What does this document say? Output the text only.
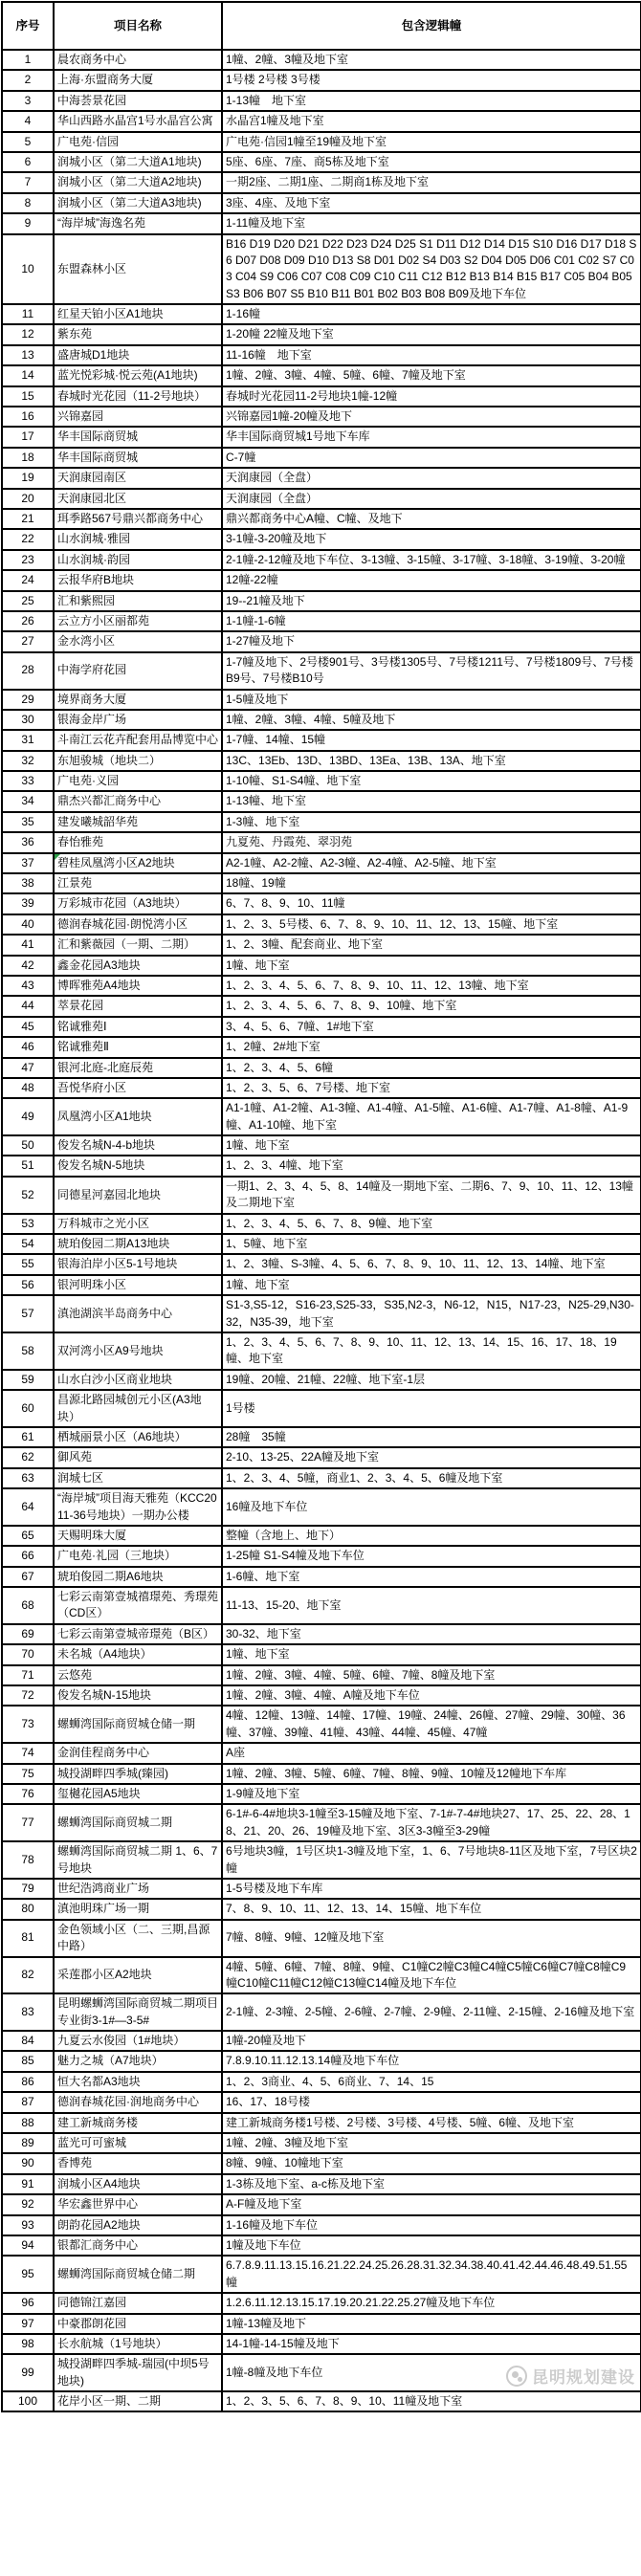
序号	项目名称	包含逻辑幢
1	晨农商务中心	1幢、2幢、3幢及地下室
2	上海·东盟商务大厦	1号楼 2号楼 3号楼
3	中海荟景花园	1-13幢　地下室
4	华山西路水晶宫1号水晶宫公寓	水晶宫1幢及地下室
5	广电苑·信园	广电苑·信园1幢至19幢及地下室
6	润城小区（第二大道A1地块)	5座、6座、7座、商5栋及地下室
7	润城小区（第二大道A2地块)	一期2座、二期1座、二期商1栋及地下室
8	润城小区（第二大道A3地块)	3座、4座、及地下室
9	“海岸城”海逸名苑	1-11幢及地下室
10	东盟森林小区	B16 D19 D20 D21 D22 D23 D24 D25 S1 D11 D12 D14 D15 S10 D16 D17 D18 S6 D07 D08 D09 D10 D13 S8 D01 D02 S4 D03 S2 D04 D05 D06 C01 C02 S7 C03 C04 S9 C06 C07 C08 C09 C10 C11 C12 B12 B13 B14 B15 B17 C05 B04 B05 S3 B06 B07 S5 B10 B11 B01 B02 B03 B08 B09及地下车位
11	红星天铂小区A1地块	1-16幢
12	紫东苑	1-20幢 22幢及地下室
13	盛唐城D1地块	11-16幢　地下室
14	蓝光悦彩城·悦云苑(A1地块)	1幢、2幢、3幢、4幢、5幢、6幢、7幢及地下室
15	春城时光花园（11-2号地块）	春城时光花园11-2号地块1幢-12幢
16	兴锦嘉园	兴锦嘉园1幢-20幢及地下
17	华丰国际商贸城	华丰国际商贸城1号地下车库
18	华丰国际商贸城	C-7幢
19	天润康园南区	天润康园（全盘）
20	天润康园北区	天润康园（全盘）
21	珥季路567号鼎兴都商务中心	鼎兴都商务中心A幢、C幢、及地下
22	山水润城·雅园	3-1幢-3-20幢及地下
23	山水润城·韵园	2-1幢-2-12幢及地下车位、3-13幢、3-15幢、3-17幢、3-18幢、3-19幢、3-20幢
24	云报华府B地块	12幢-22幢
25	汇和紫熙园	19--21幢及地下
26	云立方小区丽都苑	1-1幢-1-6幢
27	金水湾小区	1-27幢及地下
28	中海学府花园	1-7幢及地下、2号楼901号、3号楼1305号、7号楼1211号、7号楼1809号、7号楼B9号、7号楼B10号
29	境界商务大厦	1-5幢及地下
30	银海金岸广场	1幢、2幢、3幢、4幢、5幢及地下
31	斗南江云花卉配套用品博览中心	1-7幢、14幢、15幢
32	东旭骏城（地块二）	13C、13Eb、13D、13BD、13Ea、13B、13A、地下室
33	广电苑·义园	1-10幢、S1-S4幢、地下室
34	鼎杰兴都汇商务中心	1-13幢、地下室
35	建发曦城韶华苑	1-3幢、地下室
36	春怡雅苑	九夏苑、丹霞苑、翠羽苑
37	碧桂凤凰湾小区A2地块	A2-1幢、A2-2幢、A2-3幢、A2-4幢、A2-5幢、地下室
38	江景苑	18幢、19幢
39	万彩城市花园（A3地块）	6、7、8、9、10、11幢
40	德润春城花园·朗悦湾小区	1、2、3、5号楼、6、7、8、9、10、11、12、13、15幢、地下室
41	汇和紫薇园（一期、二期）	1、2、3幢、配套商业、地下室
42	鑫金花园A3地块	1幢、地下室
43	博晖雅苑A4地块	1、2、3、4、5、6、7、8、9、10、11、12、13幢、地下室
44	萃景花园	1、2、3、4、5、6、7、8、9、10幢、地下室
45	铭诚雅苑Ⅰ	3、4、5、6、7幢、1#地下室
46	铭诚雅苑Ⅱ	1、2幢、2#地下室
47	银河北庭-北庭辰苑	1、2、3、4、5、6幢
48	吾悦华府小区	1、2、3、5、6、7号楼、地下室
49	凤凰湾小区A1地块	A1-1幢、A1-2幢、A1-3幢、A1-4幢、A1-5幢、A1-6幢、A1-7幢、A1-8幢、A1-9幢、A1-10幢、地下室
50	俊发名城N-4-b地块	1幢、地下室
51	俊发名城N-5地块	1、2、3、4幢、地下室
52	同德星河嘉园北地块	一期1、2、3、4、5、8、14幢及一期地下室、二期6、7、9、10、11、12、13幢及二期地下室
53	万科城市之光小区	1、2、3、4、5、6、7、8、9幢、地下室
54	琥珀俊园二期A13地块	1、5幢、地下室
55	银海泊岸小区5-1号地块	1、2、3幢、S-3幢、4、5、6、7、8、9、10、11、12、13、14幢、地下室
56	银河明珠小区	1幢、地下室
57	滇池湖滨半岛商务中心	S1-3,S5-12，S16-23,S25-33，S35,N2-3，N6-12，N15，N17-23，N25-29,N30-32，N35-39，地下室
58	双河湾小区A9号地块	1、2、3、4、5、6、7、8、9、10、11、12、13、14、15、16、17、18、19幢、地下室
59	山水白沙小区商业地块	19幢、20幢、21幢、22幢、地下室-1层
60	昌源北路园城创元小区(A3地块）	1号楼
61	栖城丽景小区（A6地块）	28幢　35幢
62	御风苑	2-10、13-25、22A幢及地下室
63	润城七区	1、2、3、4、5幢，商业1、2、3、4、5、6幢及地下室
64	“海岸城”项目海天雅苑（KCC2011-36号地块）一期办公楼	16幢及地下车位
65	天赐明珠大厦	整幢（含地上、地下）
66	广电苑·礼园（三地块）	1-25幢 S1-S4幢及地下车位
67	琥珀俊园二期A6地块	1-6幢、地下室
68	七彩云南第壹城禧璟苑、秀璟苑（CD区）	11-13、15-20、地下室
69	七彩云南第壹城帝璟苑（B区）	30-32、地下室
70	未名城（A4地块）	1幢、地下室
71	云悠苑	1幢、2幢、3幢、4幢、5幢、6幢、7幢、8幢及地下室
72	俊发名城N-15地块	1幢、2幢、3幢、4幢、A幢及地下车位
73	螺蛳湾国际商贸城仓储一期	4幢、12幢、13幢、14幢、17幢、19幢、24幢、26幢、27幢、29幢、30幢、36幢、37幢、39幢、41幢、43幢、44幢、45幢、47幢
74	金润佳程商务中心	A座
75	城投湖畔四季城(臻园)	1幢、2幢、3幢、5幢、6幢、7幢、8幢、9幢、10幢及12幢地下车库
76	玺樾花园A5地块	1-9幢及地下室
77	螺蛳湾国际商贸城二期	6-1#-6-4#地块3-1幢至3-15幢及地下室、7-1#-7-4#地块27、17、25、22、28、18、21、20、26、19幢及地下室、3区3-3幢至3-29幢
78	螺蛳湾国际商贸城二期 1、6、7号地块	6号地块3幢，1号区块1-3幢及地下室，1、6、7号地块8-11区及地下室，7号区块2幢
79	世纪浩鸿商业广场	1-5号楼及地下车库
80	滇池明珠广场一期	7、8、9、10、11、12、13、14、15幢、地下车位
81	金色领域小区（二、三期,昌源中路）	7幢、8幢、9幢、12幢及地下室
82	采莲郡小区A2地块	4幢、5幢、6幢、7幢、8幢、9幢、C1幢C2幢C3幢C4幢C5幢C6幢C7幢C8幢C9幢C10幢C11幢C12幢C13幢C14幢及地下车位
83	昆明螺蛳湾国际商贸城二期项目专业街3-1#—3-5#	2-1幢、2-3幢、2-5幢、2-6幢、2-7幢、2-9幢、2-11幢、2-15幢、2-16幢及地下室
84	九夏云水俊园（1#地块）	1幢-20幢及地下
85	魅力之城（A7地块）	7.8.9.10.11.12.13.14幢及地下车位
86	恒大名都A3地块	1、2、3商业、4、5、6商业、7、14、15
87	德润春城花园·润地商务中心	16、17、18号楼
88	建工新城商务楼	建工新城商务楼1号楼、2号楼、3号楼、4号楼、5幢、6幢、及地下室
89	蓝光可可蜜城	1幢、2幢、3幢及地下室
90	香博苑	8幢、9幢、10幢地下室
91	润城小区A4地块	1-3栋及地下室、a-c栋及地下室
92	华宏鑫世界中心	A-F幢及地下室
93	朗韵花园A2地块	1-16幢及地下车位
94	银都汇商务中心	1幢及地下车位
95	螺蛳湾国际商贸城仓储二期	6.7.8.9.11.13.15.16.21.22.24.25.26.28.31.32.34.38.40.41.42.44.46.48.49.51.55幢
96	同德锦江嘉园	1.2.6.11.12.13.15.17.19.20.21.22.25.27幢及地下车位
97	中豪郡朗花园	1幢-13幢及地下
98	长水航城（1号地块）	14-1幢-14-15幢及地下
99	城投湖畔四季城-瑞园(中坝5号地块)	1幢-8幢及地下车位
100	花岸小区一期、二期	1、2、3、5、6、7、8、9、10、11幢及地下室
昆明规划建设
